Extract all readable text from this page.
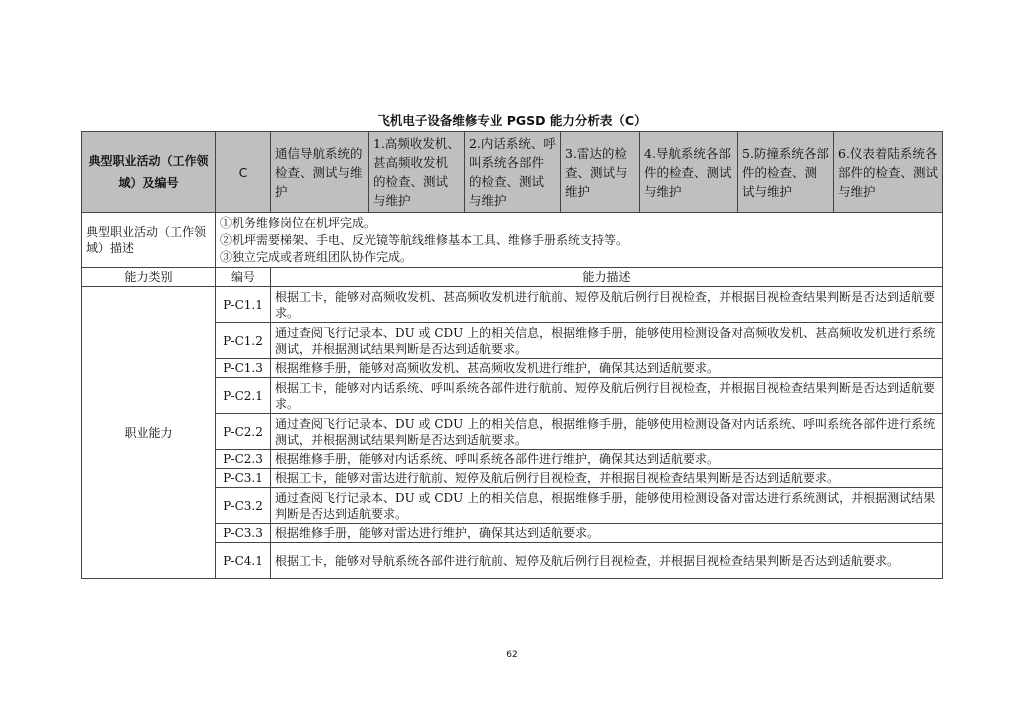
飞机电子设备维修专业 PGSD 能力分析表（C）
典型职业活动（工作领域）及编号	C	通信导航系统的检查、测试与维护	1.高频收发机、甚高频收发机的检查、测试与维护	2.内话系统、呼叫系统各部件的检查、测试与维护	3.雷达的检查、测试与维护	4.导航系统各部件的检查、测试与维护	5.防撞系统各部件的检查、测试与维护	6.仪表着陆系统各部件的检查、测试与维护
典型职业活动（工作领域）描述	①机务维修岗位在机坪完成。
②机坪需要梯架、手电、反光镜等航线维修基本工具、维修手册系统支持等。
③独立完成或者班组团队协作完成。							

能力类别	编号	能力描述						
职业能力	P-C1.1	根据工卡，能够对高频收发机、甚高频收发机进行航前、短停及航后例行目视检查，并根据目视检查结果判断是否达到适航要求。						
	P-C1.2	通过查阅飞行记录本、DU 或 CDU 上的相关信息，根据维修手册，能够使用检测设备对高频收发机、甚高频收发机进行系统测试，并根据测试结果判断是否达到适航要求。						
	P-C1.3	根据维修手册，能够对高频收发机、甚高频收发机进行维护，确保其达到适航要求。						
	P-C2.1	根据工卡，能够对内话系统、呼叫系统各部件进行航前、短停及航后例行目视检查，并根据目视检查结果判断是否达到适航要求。						
	P-C2.2	通过查阅飞行记录本、DU 或 CDU 上的相关信息，根据维修手册，能够使用检测设备对内话系统、呼叫系统各部件进行系统测试，并根据测试结果判断是否达到适航要求。						
	P-C2.3	根据维修手册，能够对内话系统、呼叫系统各部件进行维护，确保其达到适航要求。						
	P-C3.1	根据工卡，能够对雷达进行航前、短停及航后例行目视检查，并根据目视检查结果判断是否达到适航要求。						
	P-C3.2	通过查阅飞行记录本、DU 或 CDU 上的相关信息，根据维修手册，能够使用检测设备对雷达进行系统测试，并根据测试结果判断是否达到适航要求。						
	P-C3.3	根据维修手册，能够对雷达进行维护，确保其达到适航要求。						
	P-C4.1	根据工卡，能够对导航系统各部件进行航前、短停及航后例行目视检查，并根据目视检查结果判断是否达到适航要求。						
62
